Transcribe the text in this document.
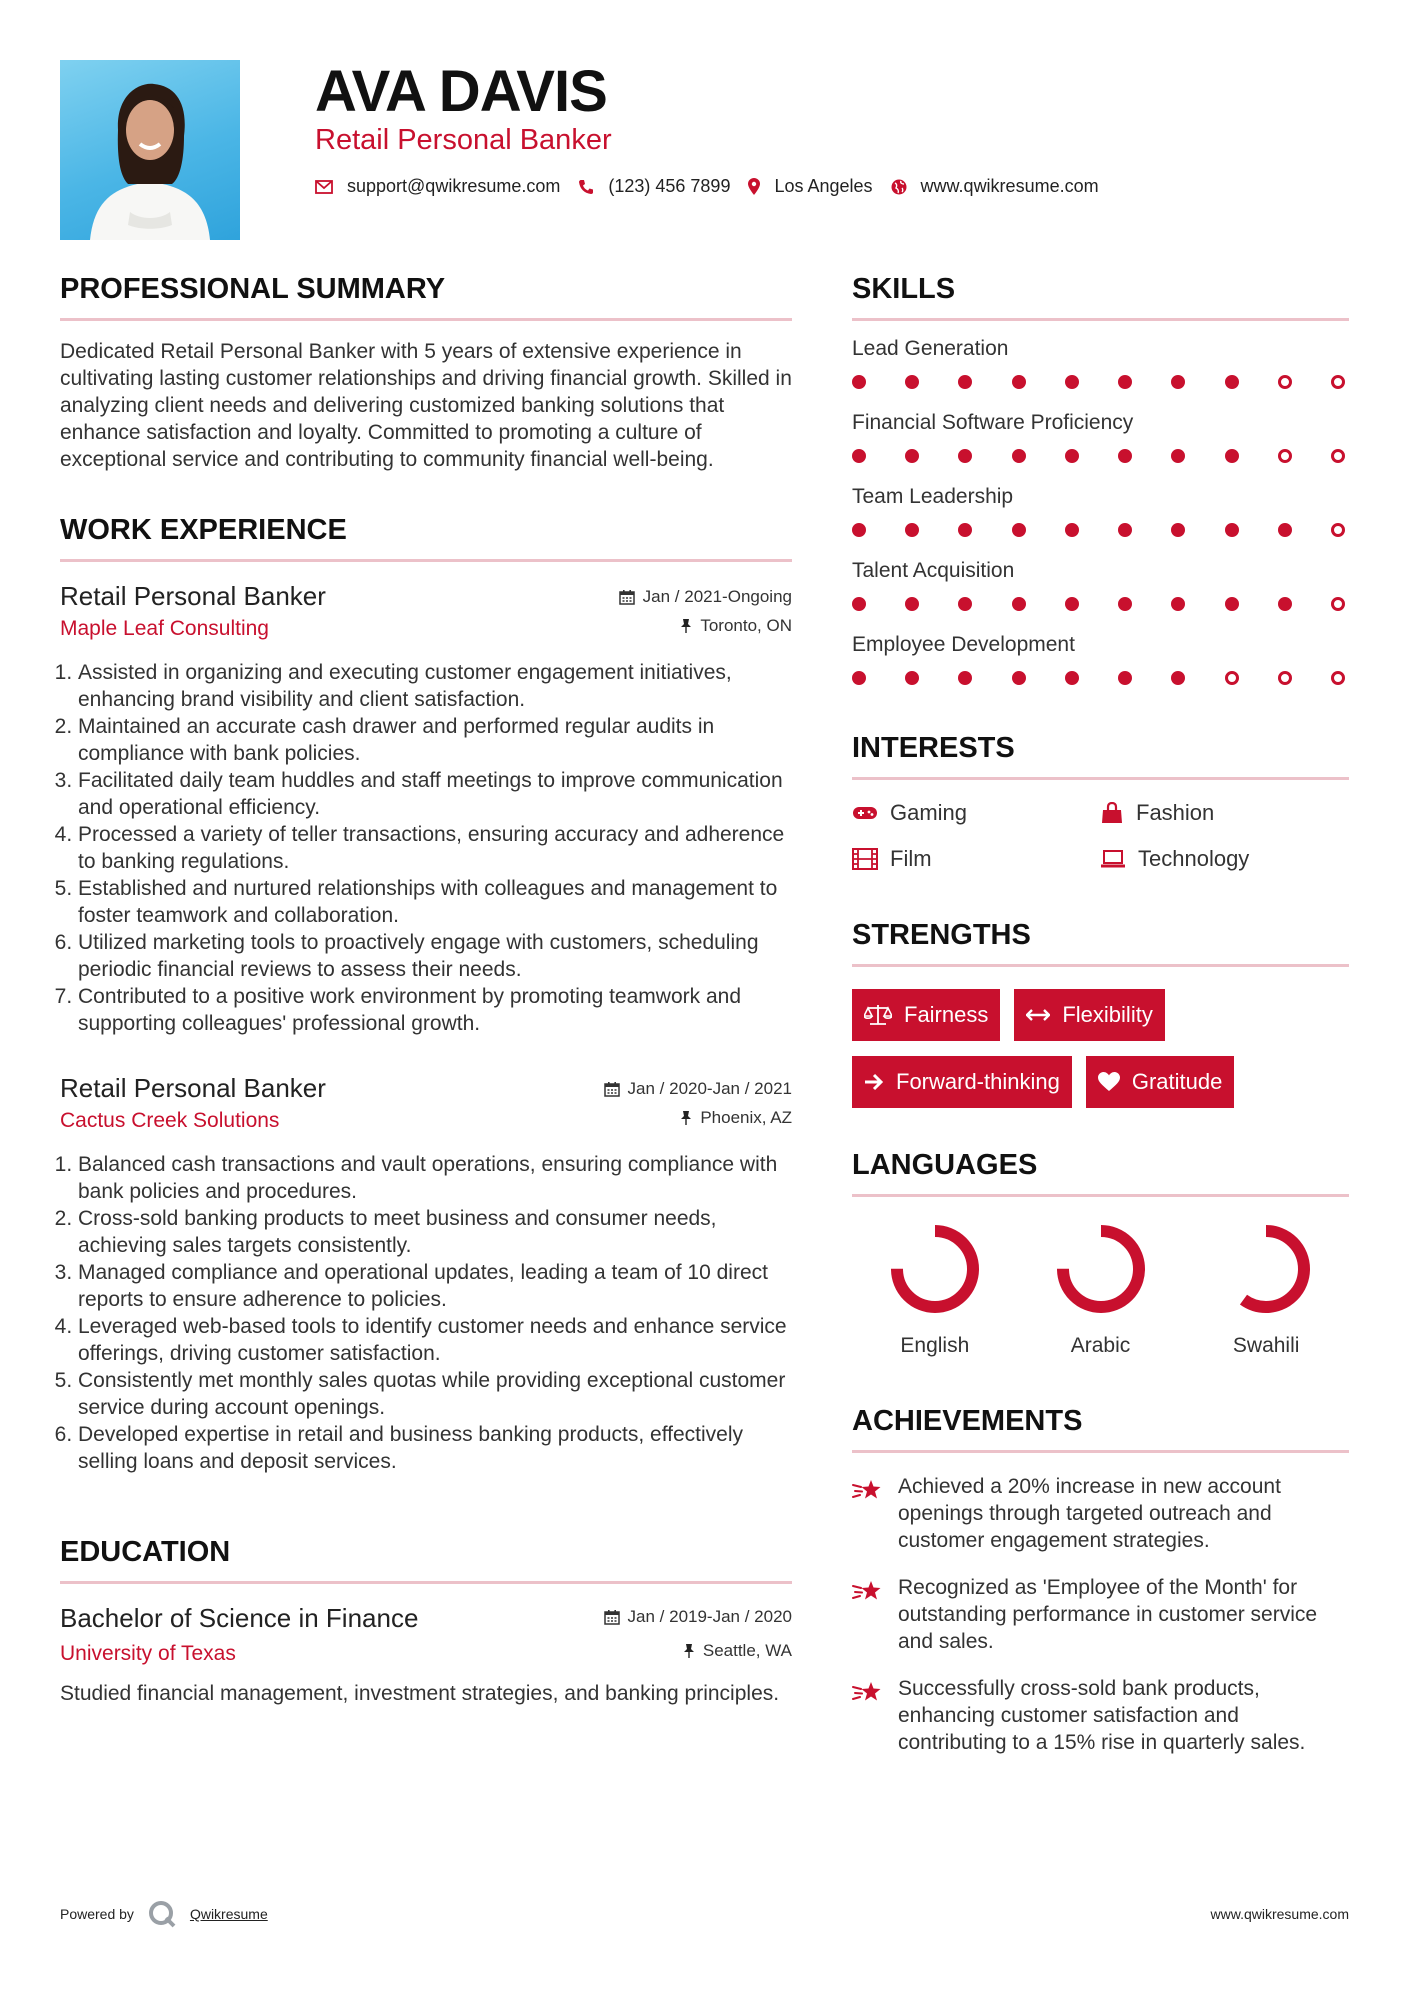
AVA DAVIS
Retail Personal Banker
support@qwikresume.com	(123) 456 7899 Los Angeles	www.qwikresume.com
PROFESSIONAL SUMMARY
Dedicated Retail Personal Banker with 5 years of extensive experience in cultivating lasting customer relationships and driving financial growth. Skilled in analyzing client needs and delivering customized banking solutions that enhance satisfaction and loyalty. Committed to promoting a culture of exceptional service and contributing to community financial well-being.
WORK EXPERIENCE
Retail Personal Banker	Jan / 2021-Ongoing
Maple Leaf Consulting	Toronto, ON
1. Assisted in organizing and executing customer engagement initiatives, enhancing brand visibility and client satisfaction.
2. Maintained an accurate cash drawer and performed regular audits in compliance with bank policies.
3. Facilitated daily team huddles and staff meetings to improve communication and operational efficiency.
4. Processed a variety of teller transactions, ensuring accuracy and adherence to banking regulations.
5. Established and nurtured relationships with colleagues and management to foster teamwork and collaboration.
6. Utilized marketing tools to proactively engage with customers, scheduling periodic financial reviews to assess their needs.
7. Contributed to a positive work environment by promoting teamwork and supporting colleagues' professional growth.
Retail Personal Banker	Jan / 2020-Jan / 2021
Cactus Creek Solutions	Phoenix, AZ
1. Balanced cash transactions and vault operations, ensuring compliance with bank policies and procedures.
2. Cross-sold banking products to meet business and consumer needs, achieving sales targets consistently.
3. Managed compliance and operational updates, leading a team of 10 direct reports to ensure adherence to policies.
4. Leveraged web-based tools to identify customer needs and enhance service offerings, driving customer satisfaction.
5. Consistently met monthly sales quotas while providing exceptional customer service during account openings.
6. Developed expertise in retail and business banking products, effectively selling loans and deposit services.
EDUCATION
Bachelor of Science in Finance	Jan / 2019-Jan / 2020
University of Texas	Seattle, WA
Studied financial management, investment strategies, and banking principles.
SKILLS
Lead Generation
Financial Software Proficiency
Team Leadership
Talent Acquisition
Employee Development
INTERESTS
Gaming	Fashion
Film	Technology
STRENGTHS
Fairness	Flexibility
Forward-thinking	Gratitude
LANGUAGES
English	Arabic	Swahili
ACHIEVEMENTS
Achieved a 20% increase in new account openings through targeted outreach and customer engagement strategies.
Recognized as 'Employee of the Month' for outstanding performance in customer service and sales.
Successfully cross-sold bank products, enhancing customer satisfaction and contributing to a 15% rise in quarterly sales.
Powered by	Qwikresume	www.qwikresume.com
